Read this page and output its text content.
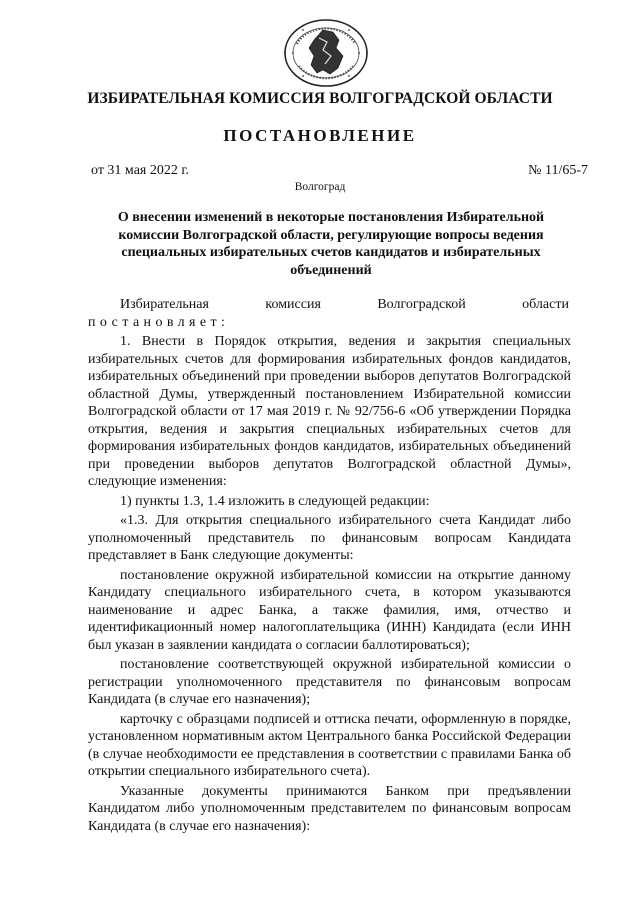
ИЗБИРАТЕЛЬНАЯ КОМИССИЯ ВОЛГОГРАДСКОЙ ОБЛАСТИ
ПОСТАНОВЛЕНИЕ
от 31 мая 2022 г.	№ 11/65-7
Волгоград
О внесении изменений в некоторые постановления Избирательной комиссии Волгоградской области, регулирующие вопросы ведения специальных избирательных счетов кандидатов и избирательных объединений
Избирательная	комиссия	Волгоградской	области
постановляет:

1. Внести в Порядок открытия, ведения и закрытия специальных избирательных счетов для формирования избирательных фондов кандидатов, избирательных объединений при проведении выборов депутатов Волгоградской областной Думы, утвержденный постановлением Избирательной комиссии Волгоградской области от 17 мая 2019 г. № 92/756-6 «Об утверждении Порядка открытия, ведения и закрытия специальных избирательных счетов для формирования избирательных фондов кандидатов, избирательных объединений при проведении выборов депутатов Волгоградской областной Думы», следующие изменения:

1) пункты 1.3, 1.4 изложить в следующей редакции:

«1.3. Для открытия специального избирательного счета Кандидат либо уполномоченный представитель по финансовым вопросам Кандидата представляет в Банк следующие документы:

постановление окружной избирательной комиссии на открытие данному Кандидату специального избирательного счета, в котором указываются наименование и адрес Банка, а также фамилия, имя, отчество и идентификационный номер налогоплательщика (ИНН) Кандидата (если ИНН был указан в заявлении кандидата о согласии баллотироваться);

постановление соответствующей окружной избирательной комиссии о регистрации уполномоченного представителя по финансовым вопросам Кандидата (в случае его назначения);

карточку с образцами подписей и оттиска печати, оформленную в порядке, установленном нормативным актом Центрального банка Российской Федерации (в случае необходимости ее представления в соответствии с правилами Банка об открытии специального избирательного счета).

Указанные документы принимаются Банком при предъявлении Кандидатом либо уполномоченным представителем по финансовым вопросам Кандидата (в случае его назначения):
